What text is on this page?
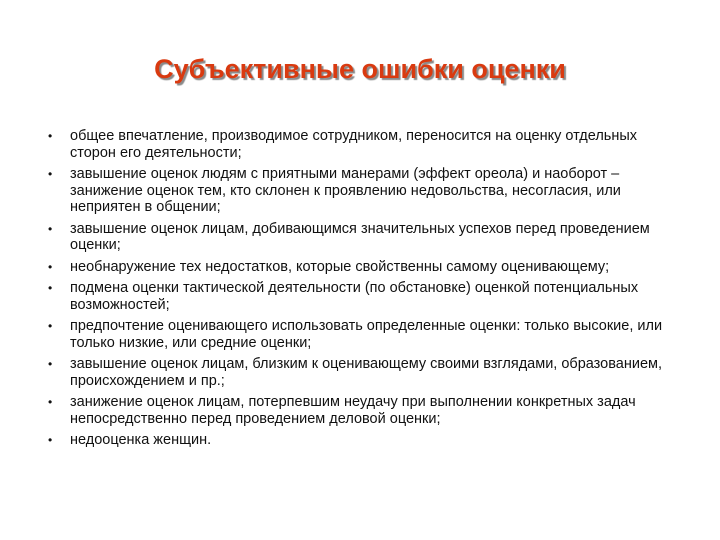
Субъективные ошибки оценки
•	общее впечатление, производимое сотрудником, переносится на оценку отдельных сторон его деятельности;
•	завышение оценок людям с приятными манерами (эффект ореола) и наоборот – занижение оценок тем, кто склонен к проявлению недовольства, несогласия, или неприятен в общении;
•	завышение оценок лицам, добивающимся значительных успехов перед проведением оценки;
•	необнаружение тех недостатков, которые свойственны самому оценивающему;
•	подмена оценки тактической деятельности (по обстановке) оценкой потенциальных возможностей;
•	предпочтение оценивающего использовать определенные оценки: только высокие, или только низкие, или средние оценки;
•	завышение оценок лицам, близким к оценивающему своими взглядами, образованием, происхождением и пр.;
•	занижение оценок лицам, потерпевшим неудачу при выполнении конкретных задач непосредственно перед проведением деловой оценки;
•	недооценка женщин.
